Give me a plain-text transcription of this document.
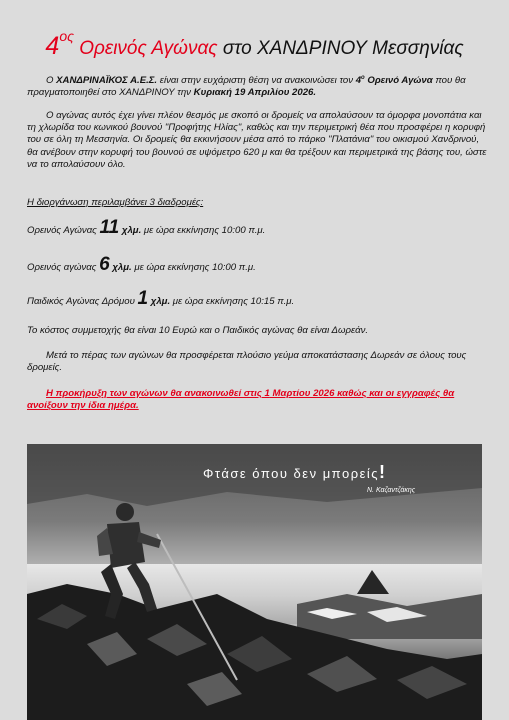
$4^{o\varsigma}$ Ορεινός Αγώνας στο ΧΑΝΔΡΙΝΟΥ Μεσσηνίας
Ο ΧΑΝΔΡΙΝΑΪΚΟΣ Α.Ε.Σ. είναι στην ευχάριστη θέση να ανακοινώσει τον $4^o$ Ορεινό Αγώνα που θα πραγματοποιηθεί στο ΧΑΝΔΡΙΝΟΥ την Κυριακή 19 Απριλίου 2026.
Ο αγώνας αυτός έχει γίνει πλέον θεσμός με σκοπό οι δρομείς να απολαύσουν τα όμορφα μονοπάτια και τη χλωρίδα του κωνικού βουνού "Προφήτης Ηλίας", καθώς και την περιμετρική θέα που προσφέρει η κορυφή του σε όλη τη Μεσσηνία. Οι δρομείς θα εκκινήσουν μέσα από το πάρκο "Πλατάνια" του οικισμού Χανδρινού, θα ανέβουν στην κορυφή του βουνού σε υψόμετρο 620 μ και θα τρέξουν και περιμετρικά της βάσης του, ώστε να το απολαύσουν όλο.
Η διοργάνωση περιλαμβάνει 3 διαδρομές:
Ορεινός Αγώνας 11 χλμ. με ώρα εκκίνησης 10:00 π.μ.
Ορεινός αγώνας 6 χλμ. με ώρα εκκίνησης 10:00 π.μ.
Παιδικός Αγώνας Δρόμου 1 χλμ. με ώρα εκκίνησης 10:15 π.μ.
Το κόστος συμμετοχής θα είναι 10 Ευρώ και ο Παιδικός αγώνας θα είναι Δωρεάν.
Μετά το πέρας των αγώνων θα προσφέρεται πλούσιο γεύμα αποκατάστασης Δωρεάν σε όλους τους δρομείς.
Η προκήρυξη των αγώνων θα ανακοινωθεί στις 1 Μαρτίου 2026 καθώς και οι εγγραφές θα ανοίξουν την ίδια ημέρα.
Φτάσε όπου δεν μπορείς!
Ν. Καζαντζάκης
